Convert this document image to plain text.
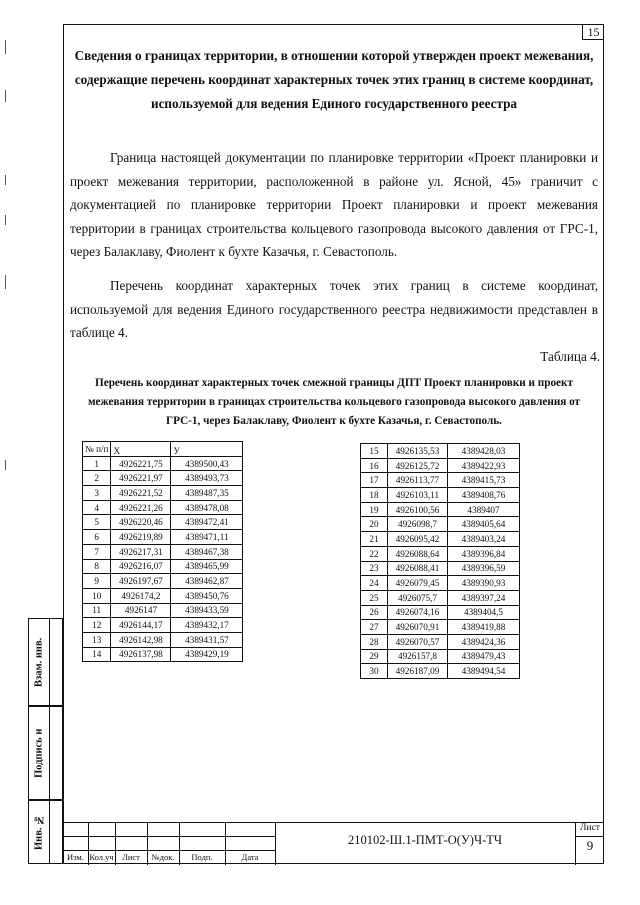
15
Сведения о границах территории, в отношении которой утвержден проект межевания, содержащие перечень координат характерных точек этих границ в системе координат, используемой для ведения Единого государственного реестра
Граница настоящей документации по планировке территории «Проект планировки и проект межевания территории, расположенной в районе ул. Ясной, 45» граничит с документацией по планировке территории Проект планировки и проект межевания территории в границах строительства кольцевого газопровода высокого давления от ГРС-1, через Балаклаву, Фиолент к бухте Казачья, г. Севастополь.
Перечень координат характерных точек этих границ в системе координат, используемой для ведения Единого государственного реестра недвижимости представлен в таблице 4.
Таблица 4.
Перечень координат характерных точек смежной границы ДПТ Проект планировки и проект межевания территории в границах строительства кольцевого газопровода высокого давления от ГРС-1, через Балаклаву, Фиолент к бухте Казачья, г. Севастополь.
№ п/п	X	У
1	4926221,75	4389500,43
2	4926221,97	4389493,73
3	4926221,52	4389487,35
4	4926221,26	4389478,08
5	4926220,46	4389472,41
6	4926219,89	4389471,11
7	4926217,31	4389467,38
8	4926216,07	4389465,99
9	4926197,67	4389462,87
10	4926174,2	4389450,76
11	4926147	4389433,59
12	4926144,17	4389432,17
13	4926142,98	4389431,57
14	4926137,98	4389429,19
15	4926135,53	4389428,03
16	4926125,72	4389422,93
17	4926113,77	4389415,73
18	4926103,11	4389408,76
19	4926100,56	4389407
20	4926098,7	4389405,64
21	4926095,42	4389403,24
22	4926088,64	4389396,84
23	4926088,41	4389396,59
24	4926079,45	4389390,93
25	4926075,7	4389397,24
26	4926074,16	4389404,5
27	4926070,91	4389419,88
28	4926070,57	4389424,36
29	4926157,8	4389479,43
30	4926187,09	4389494,54
Взам. инв.
Подпись и
Инв. №
Изм. Кол.уч Лист	№док.	Подп.	Дата
210102-Ш.1-ПМТ-О(У)Ч-ТЧ
Лист
9
